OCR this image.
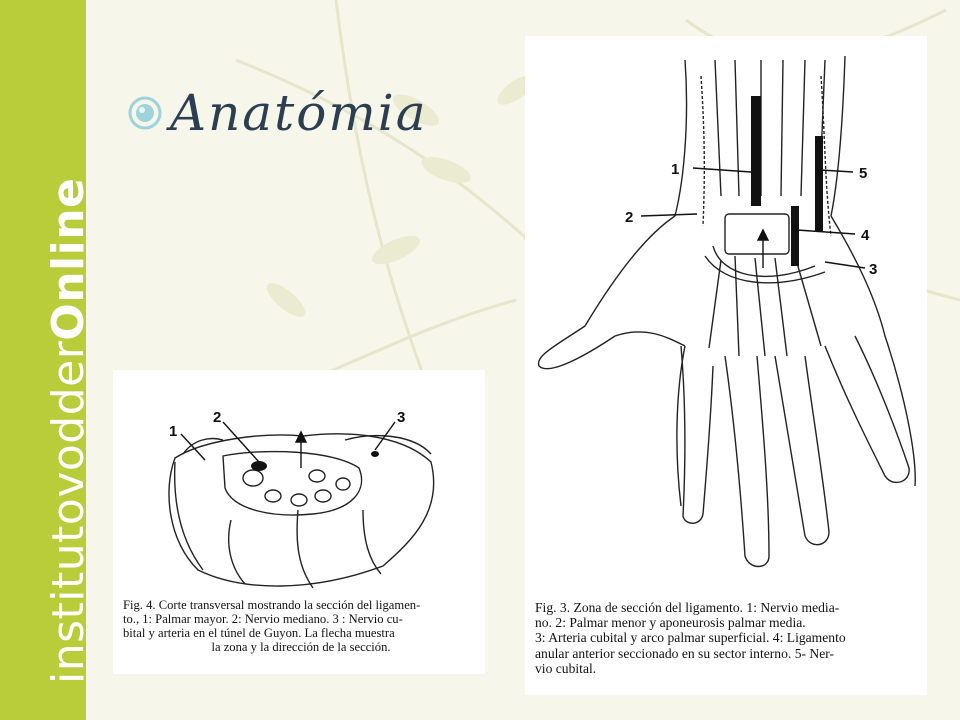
institutovodderOnline
Anatómia
1
2	3
Fig. 4. Corte transversal mostrando la sección del ligamen-
to., 1: Palmar mayor. 2: Nervio mediano. 3 : Nervio cu-
bital y arteria en el túnel de Guyon. La flecha muestra
la zona y la dirección de la sección.
1
2
3
4
5
Fig. 3. Zona de sección del ligamento. 1: Nervio media-
no. 2: Palmar menor y aponeurosis palmar media.
3: Arteria cubital y arco palmar superficial. 4: Ligamento
anular anterior seccionado en su sector interno. 5- Ner-
vio cubital.
